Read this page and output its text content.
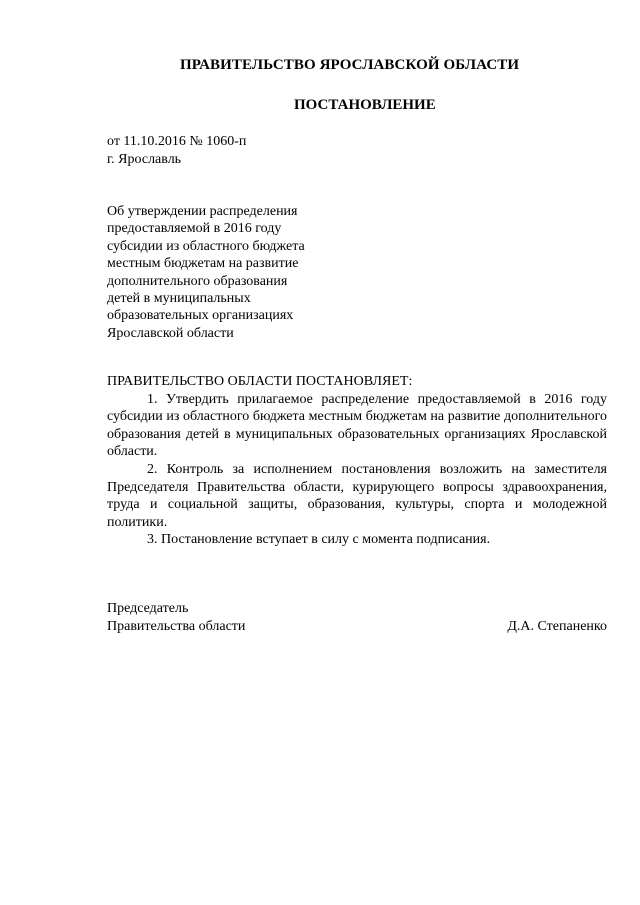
ПРАВИТЕЛЬСТВО ЯРОСЛАВСКОЙ ОБЛАСТИ
ПОСТАНОВЛЕНИЕ
от 11.10.2016 № 1060-п
г. Ярославль
Об утверждении распределения
предоставляемой в 2016 году
субсидии из областного бюджета
местным бюджетам на развитие
дополнительного образования
детей в муниципальных
образовательных организациях
Ярославской области
ПРАВИТЕЛЬСТВО ОБЛАСТИ ПОСТАНОВЛЯЕТ:
1. Утвердить прилагаемое распределение предоставляемой в 2016 году субсидии из областного бюджета местным бюджетам на развитие дополнительного образования детей в муниципальных образовательных организациях Ярославской области.
2. Контроль за исполнением постановления возложить на заместителя Председателя Правительства области, курирующего вопросы здравоохранения, труда и социальной защиты, образования, культуры, спорта и молодежной политики.
3. Постановление вступает в силу с момента подписания.
Председатель
Правительства области	Д.А. Степаненко
